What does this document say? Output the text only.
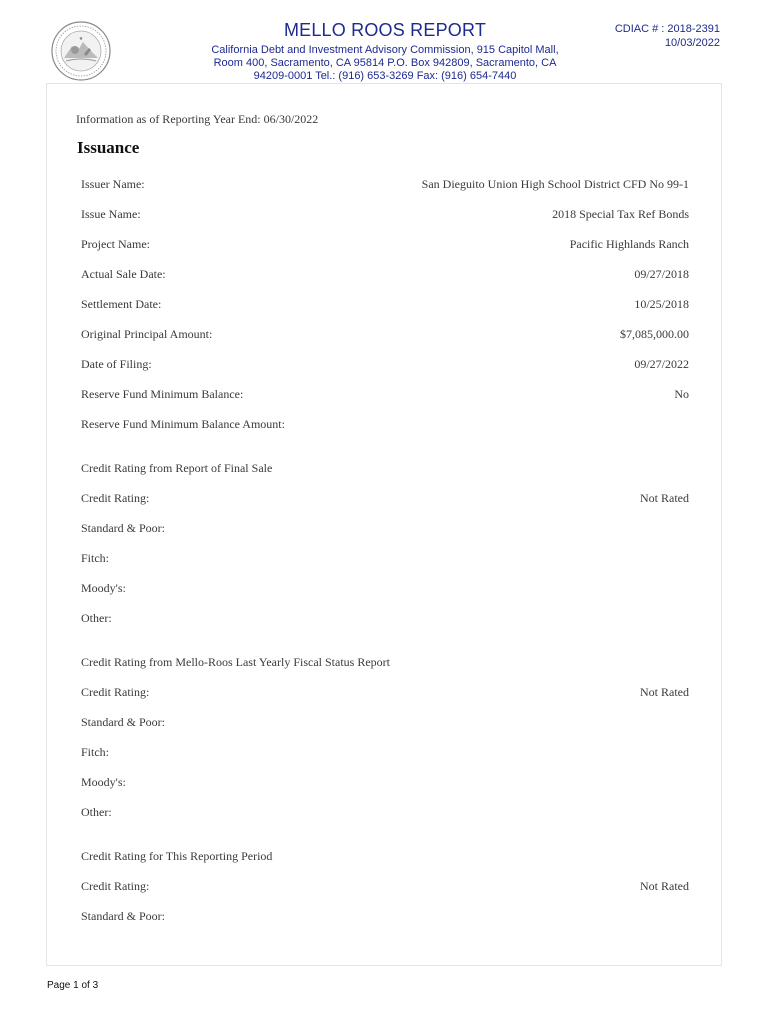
★	MELLO ROOS REPORT
California Debt and Investment Advisory Commission, 915 Capitol Mall,
Room 400, Sacramento, CA 95814 P.O. Box 942809, Sacramento, CA
94209-0001 Tel.: (916) 653-3269 Fax: (916) 654-7440
CDIAC # : 2018-2391
10/03/2022
Information as of Reporting Year End: 06/30/2022
Issuance
Issuer Name:	San Dieguito Union High School District CFD No 99-1
Issue Name:	2018 Special Tax Ref Bonds
Project Name:	Pacific Highlands Ranch
Actual Sale Date:	09/27/2018
Settlement Date:	10/25/2018
Original Principal Amount:	$7,085,000.00
Date of Filing:	09/27/2022
Reserve Fund Minimum Balance:	No
Reserve Fund Minimum Balance Amount:
Credit Rating from Report of Final Sale
Credit Rating:	Not Rated
Standard & Poor:
Fitch:
Moody's:
Other:
Credit Rating from Mello-Roos Last Yearly Fiscal Status Report
Credit Rating:	Not Rated
Standard & Poor:
Fitch:
Moody's:
Other:
Credit Rating for This Reporting Period
Credit Rating:	Not Rated
Standard & Poor:
Page 1 of 3
